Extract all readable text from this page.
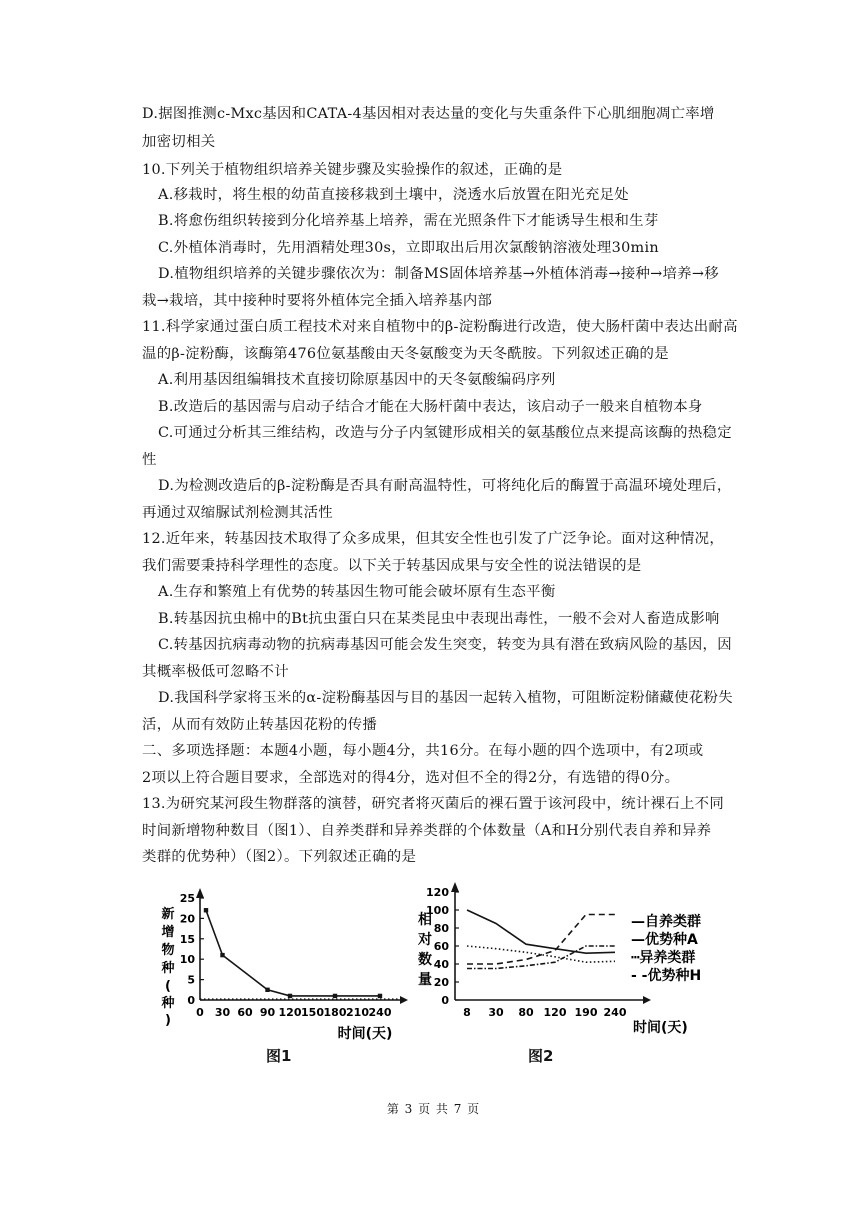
D.据图推测c-Mxc基因和CATA-4基因相对表达量的变化与失重条件下心肌细胞凋亡率增
加密切相关
10.下列关于植物组织培养关键步骤及实验操作的叙述，正确的是
A.移栽时，将生根的幼苗直接移栽到土壤中，浇透水后放置在阳光充足处
B.将愈伤组织转接到分化培养基上培养，需在光照条件下才能诱导生根和生芽
C.外植体消毒时，先用酒精处理30s，立即取出后用次氯酸钠溶液处理30min
D.植物组织培养的关键步骤依次为：制备MS固体培养基→外植体消毒→接种→培养→移
栽→栽培，其中接种时要将外植体完全插入培养基内部
11.科学家通过蛋白质工程技术对来自植物中的β-淀粉酶进行改造，使大肠杆菌中表达出耐高
温的β-淀粉酶，该酶第476位氨基酸由天冬氨酸变为天冬酰胺。下列叙述正确的是
A.利用基因组编辑技术直接切除原基因中的天冬氨酸编码序列
B.改造后的基因需与启动子结合才能在大肠杆菌中表达，该启动子一般来自植物本身
C.可通过分析其三维结构，改造与分子内氢键形成相关的氨基酸位点来提高该酶的热稳定
性
D.为检测改造后的β-淀粉酶是否具有耐高温特性，可将纯化后的酶置于高温环境处理后，
再通过双缩脲试剂检测其活性
12.近年来，转基因技术取得了众多成果，但其安全性也引发了广泛争论。面对这种情况，
我们需要秉持科学理性的态度。以下关于转基因成果与安全性的说法错误的是
A.生存和繁殖上有优势的转基因生物可能会破坏原有生态平衡
B.转基因抗虫棉中的Bt抗虫蛋白只在某类昆虫中表现出毒性，一般不会对人畜造成影响
C.转基因抗病毒动物的抗病毒基因可能会发生突变，转变为具有潜在致病风险的基因，因
其概率极低可忽略不计
D.我国科学家将玉米的α-淀粉酶基因与目的基因一起转入植物，可阻断淀粉储藏使花粉失
活，从而有效防止转基因花粉的传播
二、多项选择题：本题4小题，每小题4分，共16分。在每小题的四个选项中，有2项或
2项以上符合题目要求，全部选对的得4分，选对但不全的得2分，有选错的得0分。
13.为研究某河段生物群落的演替，研究者将灭菌后的裸石置于该河段中，统计裸石上不同
时间新增物种数目（图1）、自养类群和异养类群的个体数量（A和H分别代表自养和异养
类群的优势种）（图2）。下列叙述正确的是
新
增
物
种
(
种
)
时间(天)
0 30 60 90 120 150 180 210 240
0
5
10
15
20
25
图1
相
对
数
量
时间(天)
—自养类群
—优势种A
┅异养类群
- -优势种H
8 30 80 120 190 240
0
20
40
60
80
100
120
图2
第 3 页 共 7 页
